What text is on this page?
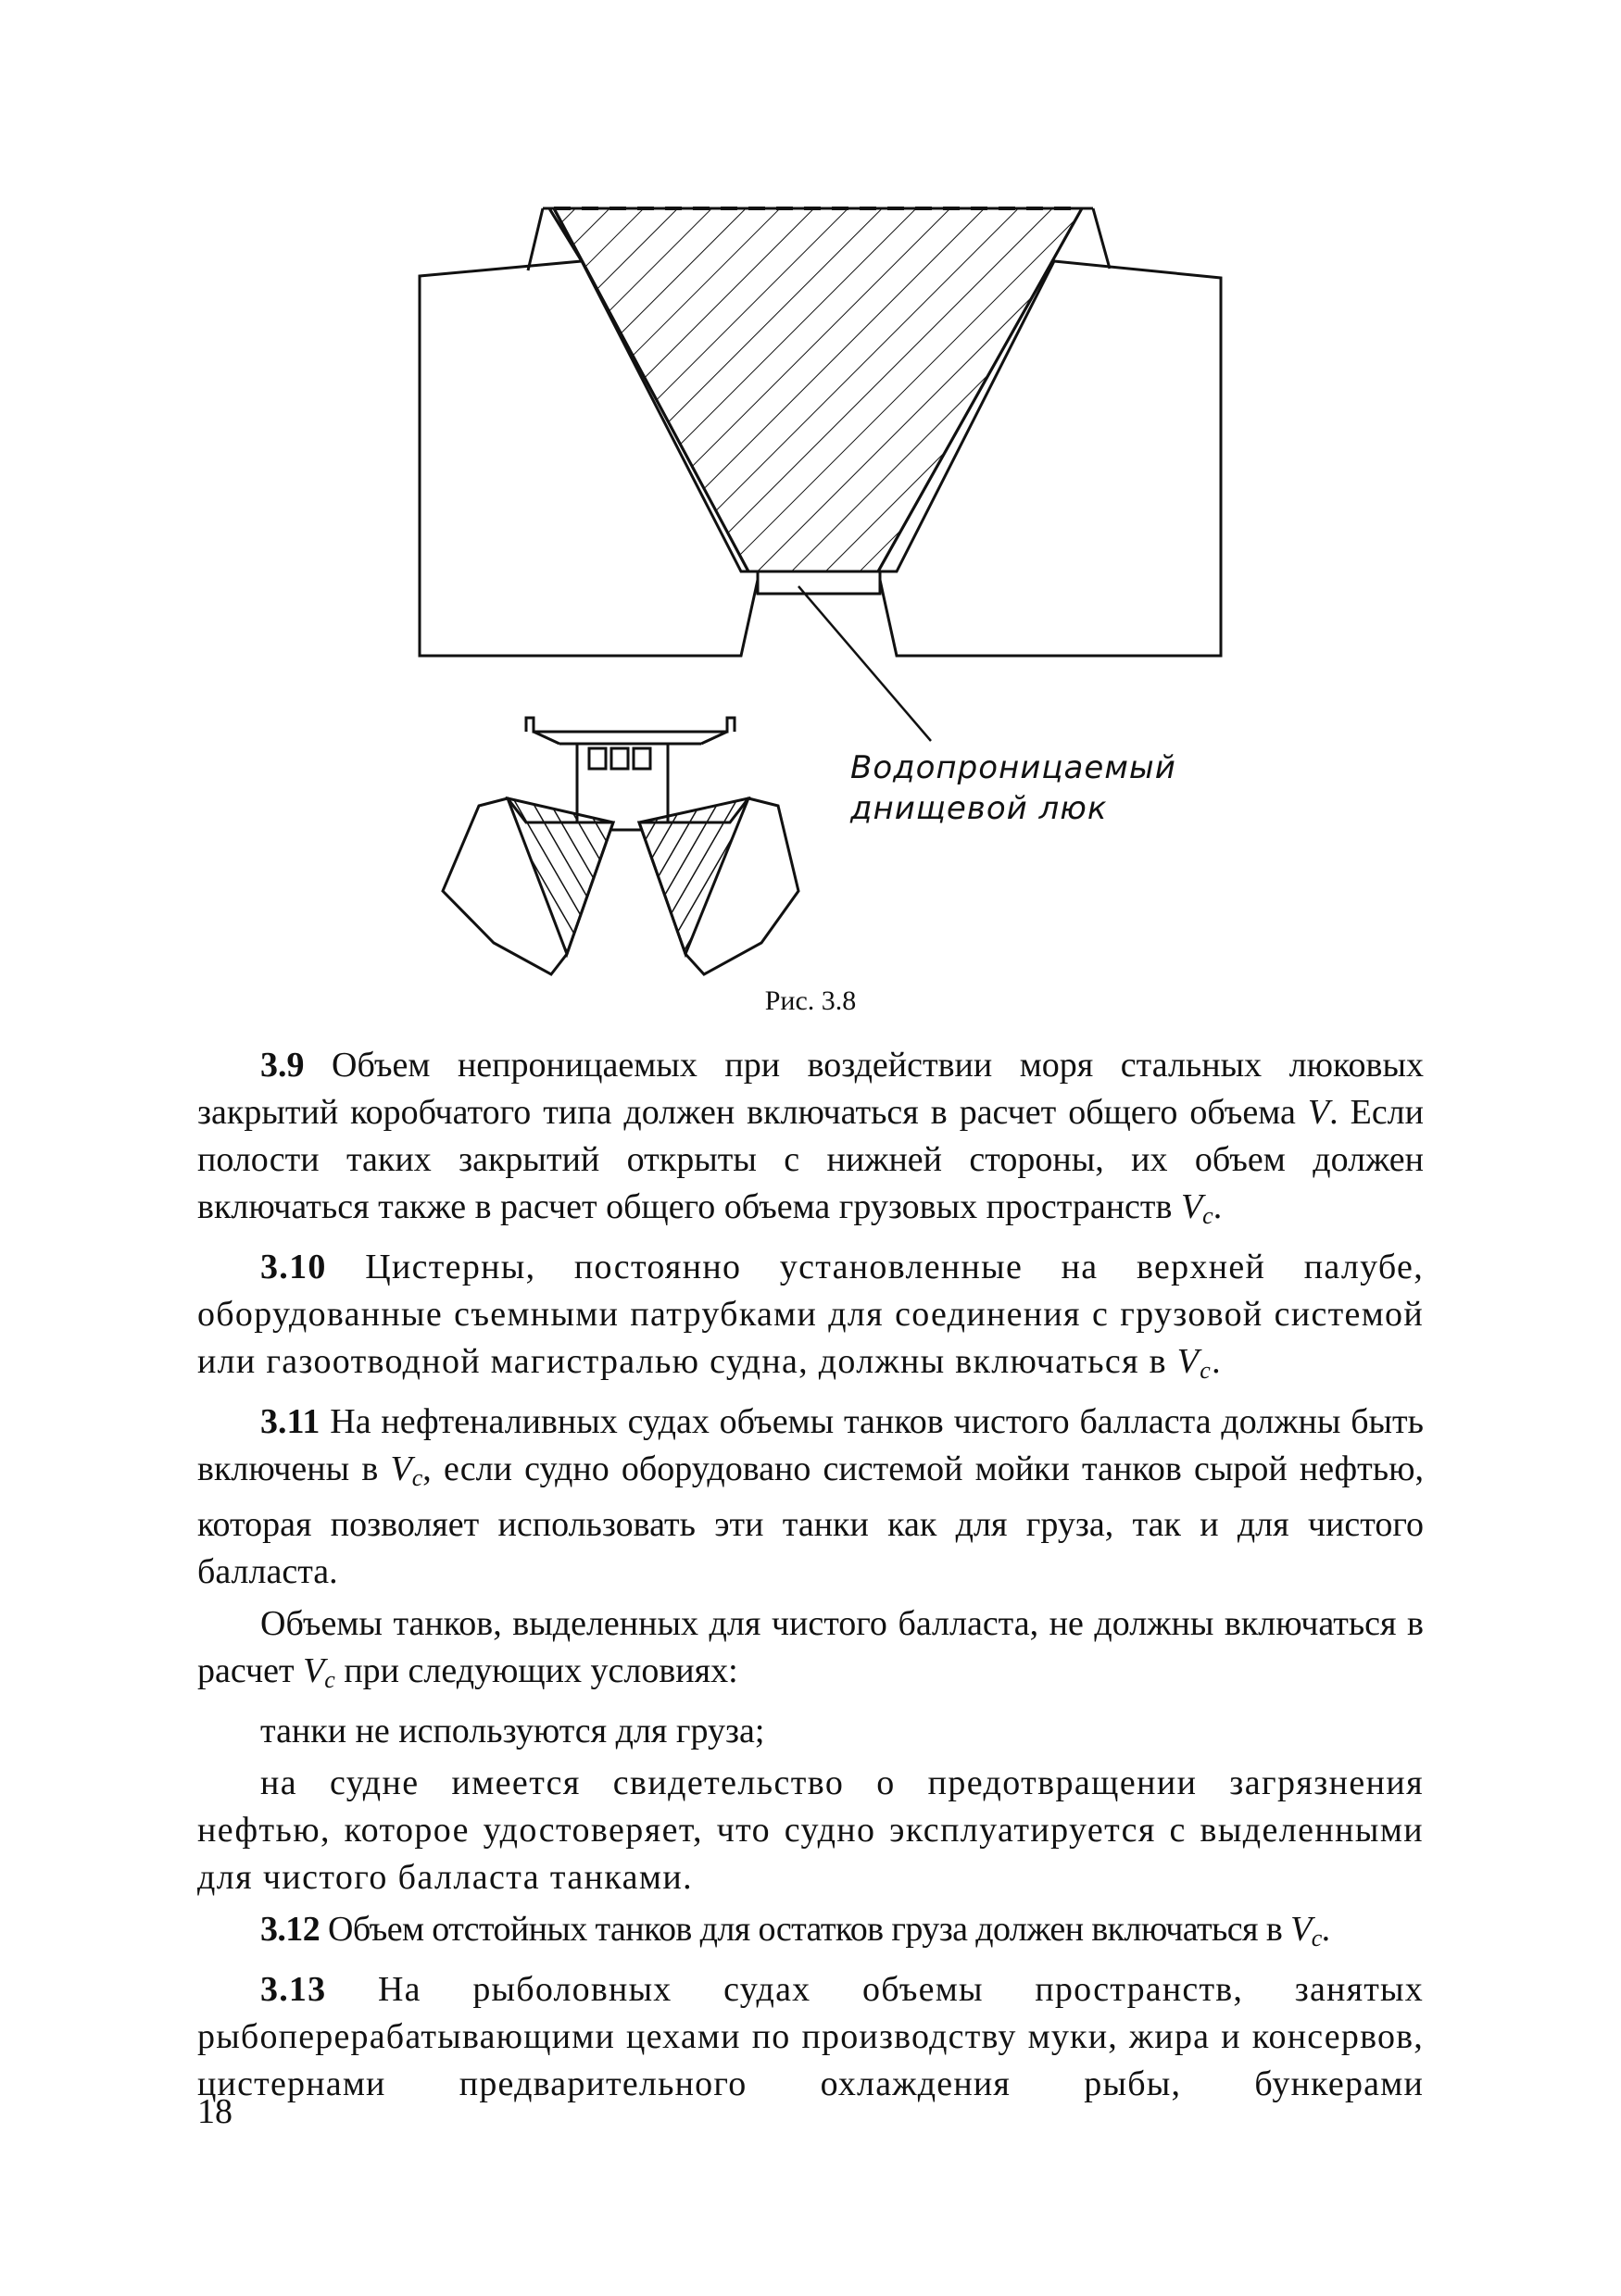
Водопроницаемый
днищевой люк
Рис. 3.8

3.9 Объем непроницаемых при воздействии моря стальных люковых закрытий коробчатого типа должен включаться в расчет общего объема V. Если полости таких закрытий открыты с нижней стороны, их объем должен включаться также в расчет общего объема грузовых пространств $V_c$.

3.10 Цистерны, постоянно установленные на верхней палубе, оборудованные съемными патрубками для соединения с грузовой системой или газоотводной магистралью судна, должны включаться в $V_c$.

3.11 На нефтеналивных судах объемы танков чистого балласта должны быть включены в $V_c$, если судно оборудовано системой мойки танков сырой нефтью, которая позволяет использовать эти танки как для груза, так и для чистого балласта.

Объемы танков, выделенных для чистого балласта, не должны включаться в расчет $V_c$ при следующих условиях:

танки не используются для груза;

на судне имеется свидетельство о предотвращении загрязнения нефтью, которое удостоверяет, что судно эксплуатируется с выделенными для чистого балласта танками.

3.12 Объем отстойных танков для остатков груза должен включаться в $V_c$.

3.13 На рыболовных судах объемы пространств, занятых рыбоперерабатывающими цехами по производству муки, жира и консервов, цистернами предварительного охлаждения рыбы, бункерами

18
